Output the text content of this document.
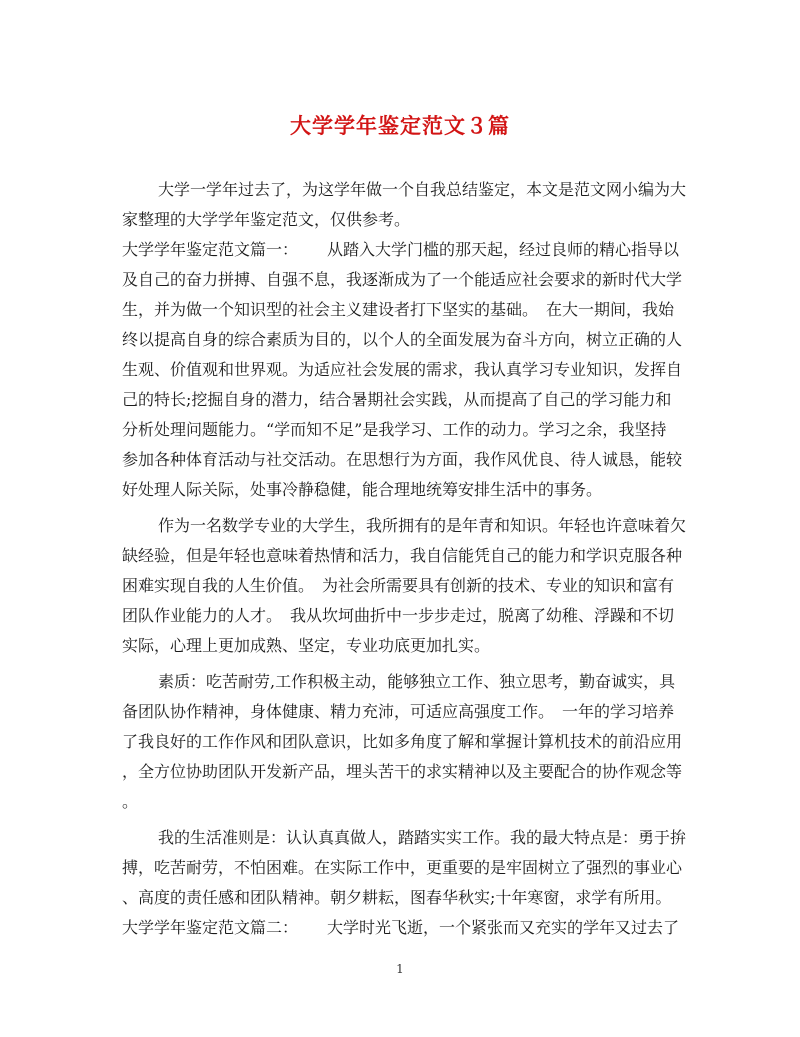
大学学年鉴定范文３篇

大学一学年过去了，为这学年做一个自我总结鉴定，本文是范文网小编为大

家整理的大学学年鉴定范文，仅供参考。

大学学年鉴定范文篇一： 从踏入大学门槛的那天起，经过良师的精心指导以

及自己的奋力拼搏、自强不息，我逐渐成为了一个能适应社会要求的新时代大学

生，并为做一个知识型的社会主义建设者打下坚实的基础。　在大一期间，我始

终以提高自身的综合素质为目的，以个人的全面发展为奋斗方向，树立正确的人

生观、价值观和世界观。为适应社会发展的需求，我认真学习专业知识，发挥自

己的特长;挖掘自身的潜力，结合暑期社会实践，从而提高了自己的学习能力和

分析处理问题能力。“学而知不足”是我学习、工作的动力。学习之余，我坚持

参加各种体育活动与社交活动。在思想行为方面，我作风优良、待人诚恳，能较

好处理人际关际，处事冷静稳健，能合理地统筹安排生活中的事务。

作为一名数学专业的大学生，我所拥有的是年青和知识。年轻也许意味着欠

缺经验，但是年轻也意味着热情和活力，我自信能凭自己的能力和学识克服各种

困难实现自我的人生价值。　为社会所需要具有创新的技术、专业的知识和富有

团队作业能力的人才。　我从坎坷曲折中一步步走过，脱离了幼稚、浮躁和不切

实际，心理上更加成熟、坚定，专业功底更加扎实。

素质：吃苦耐劳,工作积极主动，能够独立工作、独立思考，勤奋诚实，具

备团队协作精神，身体健康、精力充沛，可适应高强度工作。　一年的学习培养

了我良好的工作作风和团队意识，比如多角度了解和掌握计算机技术的前沿应用

，全方位协助团队开发新产品，埋头苦干的求实精神以及主要配合的协作观念等

。

我的生活准则是：认认真真做人，踏踏实实工作。我的最大特点是：勇于拚

搏，吃苦耐劳，不怕困难。在实际工作中，更重要的是牢固树立了强烈的事业心

、高度的责任感和团队精神。朝夕耕耘，图春华秋实;十年寒窗，求学有所用。

大学学年鉴定范文篇二： 大学时光飞逝，一个紧张而又充实的学年又过去了

1
